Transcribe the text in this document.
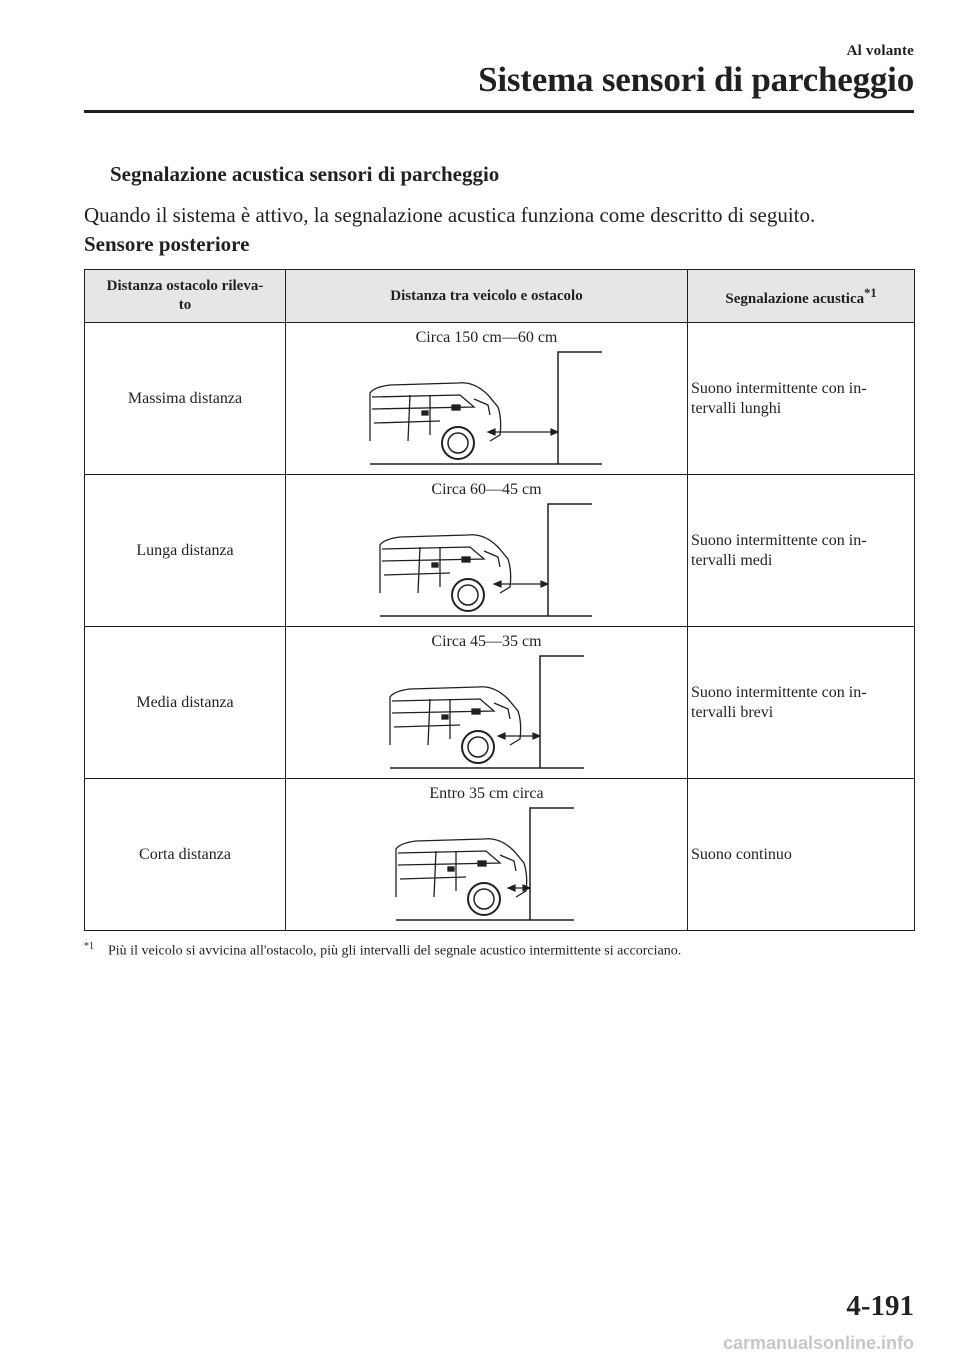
Al volante
Sistema sensori di parcheggio
Segnalazione acustica sensori di parcheggio
Quando il sistema è attivo, la segnalazione acustica funziona come descritto di seguito.
Sensore posteriore
Distanza ostacolo rileva-
to	Distanza tra veicolo e ostacolo	Segnalazione acustica$^{*1}$
Massima distanza	Circa 150 cm—60 cm	Suono intermittente con in-
tervalli lunghi
Lunga distanza	Circa 60—45 cm	Suono intermittente con in-
tervalli medi
Media distanza	Circa 45—35 cm	Suono intermittente con in-
tervalli brevi
Corta distanza	Entro 35 cm circa	Suono continuo
$^{*1}$ Più il veicolo si avvicina all'ostacolo, più gli intervalli del segnale acustico intermittente si accorciano.
4-191
carmanualsonline.info
